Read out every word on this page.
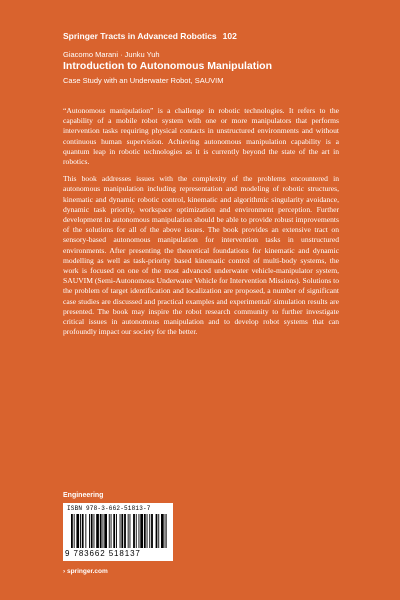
Springer Tracts in Advanced Robotics 102
Giacomo Marani · Junku Yuh
Introduction to Autonomous Manipulation
Case Study with an Underwater Robot, SAUVIM

“Autonomous manipulation” is a challenge in robotic technologies. It refers to the capability of a mobile robot system with one or more manipulators that performs intervention tasks requiring physical contacts in unstructured environments and without continuous human supervision. Achieving autonomous manipulation capability is a quantum leap in robotic technologies as it is currently beyond the state of the art in robotics.

This book addresses issues with the complexity of the problems encountered in autonomous manipulation including representation and modeling of robotic structures, kinematic and dynamic robotic control, kinematic and algorithmic singularity avoidance, dynamic task priority, workspace optimization and environment perception. Further development in autonomous manipulation should be able to provide robust improvements of the solutions for all of the above issues. The book provides an extensive tract on sensory-based autonomous manipulation for intervention tasks in unstructured environments. After presenting the theoretical foundations for kinematic and dynamic modelling as well as task-priority based kinematic control of multi-body systems, the work is focused on one of the most advanced underwater vehicle-manipulator system, SAUVIM (Semi-Autonomous Underwater Vehicle for Intervention Missions). Solutions to the problem of target identification and localization are proposed, a number of significant case studies are discussed and practical examples and experimental/ simulation results are presented. The book may inspire the robot research community to further investigate critical issues in autonomous manipulation and to develop robot systems that can profoundly impact our society for the better.

Engineering
ISBN 978-3-662-51813-7
9 783662 518137
› springer.com
